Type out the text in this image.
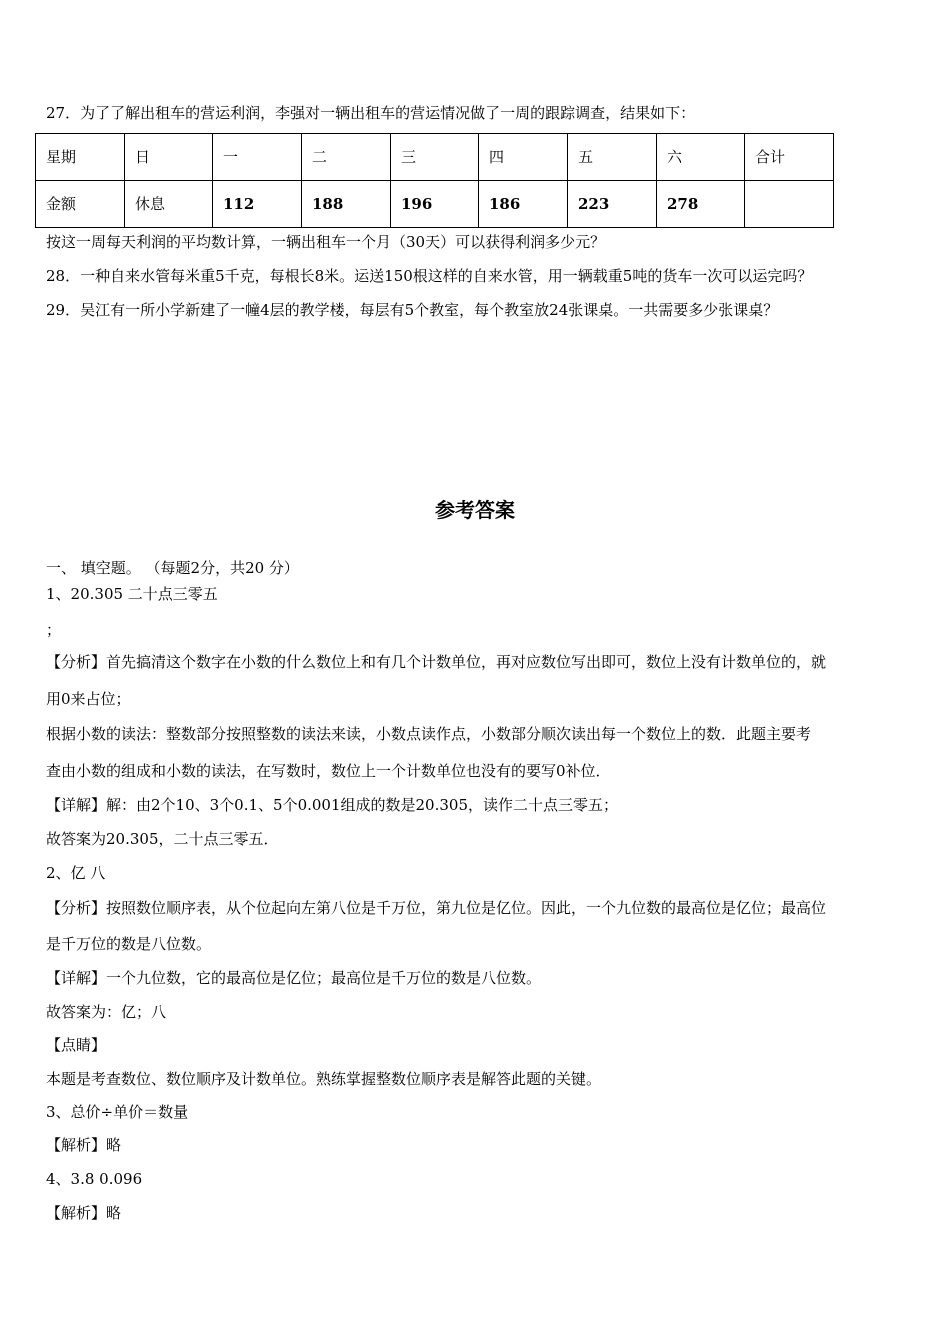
27．为了了解出租车的营运利润，李强对一辆出租车的营运情况做了一周的跟踪调查，结果如下：
星期	日	一	二	三	四	五	六	合计
金额	休息	112	188	196	186	223	278	
按这一周每天利润的平均数计算，一辆出租车一个月（30天）可以获得利润多少元？
28．一种自来水管每米重5千克，每根长8米。运送150根这样的自来水管，用一辆载重5吨的货车一次可以运完吗？
29．吴江有一所小学新建了一幢4层的教学楼，每层有5个教室，每个教室放24张课桌。一共需要多少张课桌？
参考答案
一、 填空题。 （每题2分，共20 分）
1、20.305 二十点三零五
；
【分析】首先搞清这个数字在小数的什么数位上和有几个计数单位，再对应数位写出即可，数位上没有计数单位的，就
用0来占位；
根据小数的读法：整数部分按照整数的读法来读，小数点读作点，小数部分顺次读出每一个数位上的数．此题主要考
查由小数的组成和小数的读法，在写数时，数位上一个计数单位也没有的要写0补位．
【详解】解：由2个10、3个0.1、5个0.001组成的数是20.305，读作二十点三零五；
故答案为20.305，二十点三零五．
2、亿 八
【分析】按照数位顺序表，从个位起向左第八位是千万位，第九位是亿位。因此，一个九位数的最高位是亿位；最高位
是千万位的数是八位数。
【详解】一个九位数，它的最高位是亿位；最高位是千万位的数是八位数。
故答案为：亿；八
【点睛】
本题是考查数位、数位顺序及计数单位。熟练掌握整数位顺序表是解答此题的关键。
3、总价÷单价＝数量
【解析】略
4、3.8 0.096
【解析】略
